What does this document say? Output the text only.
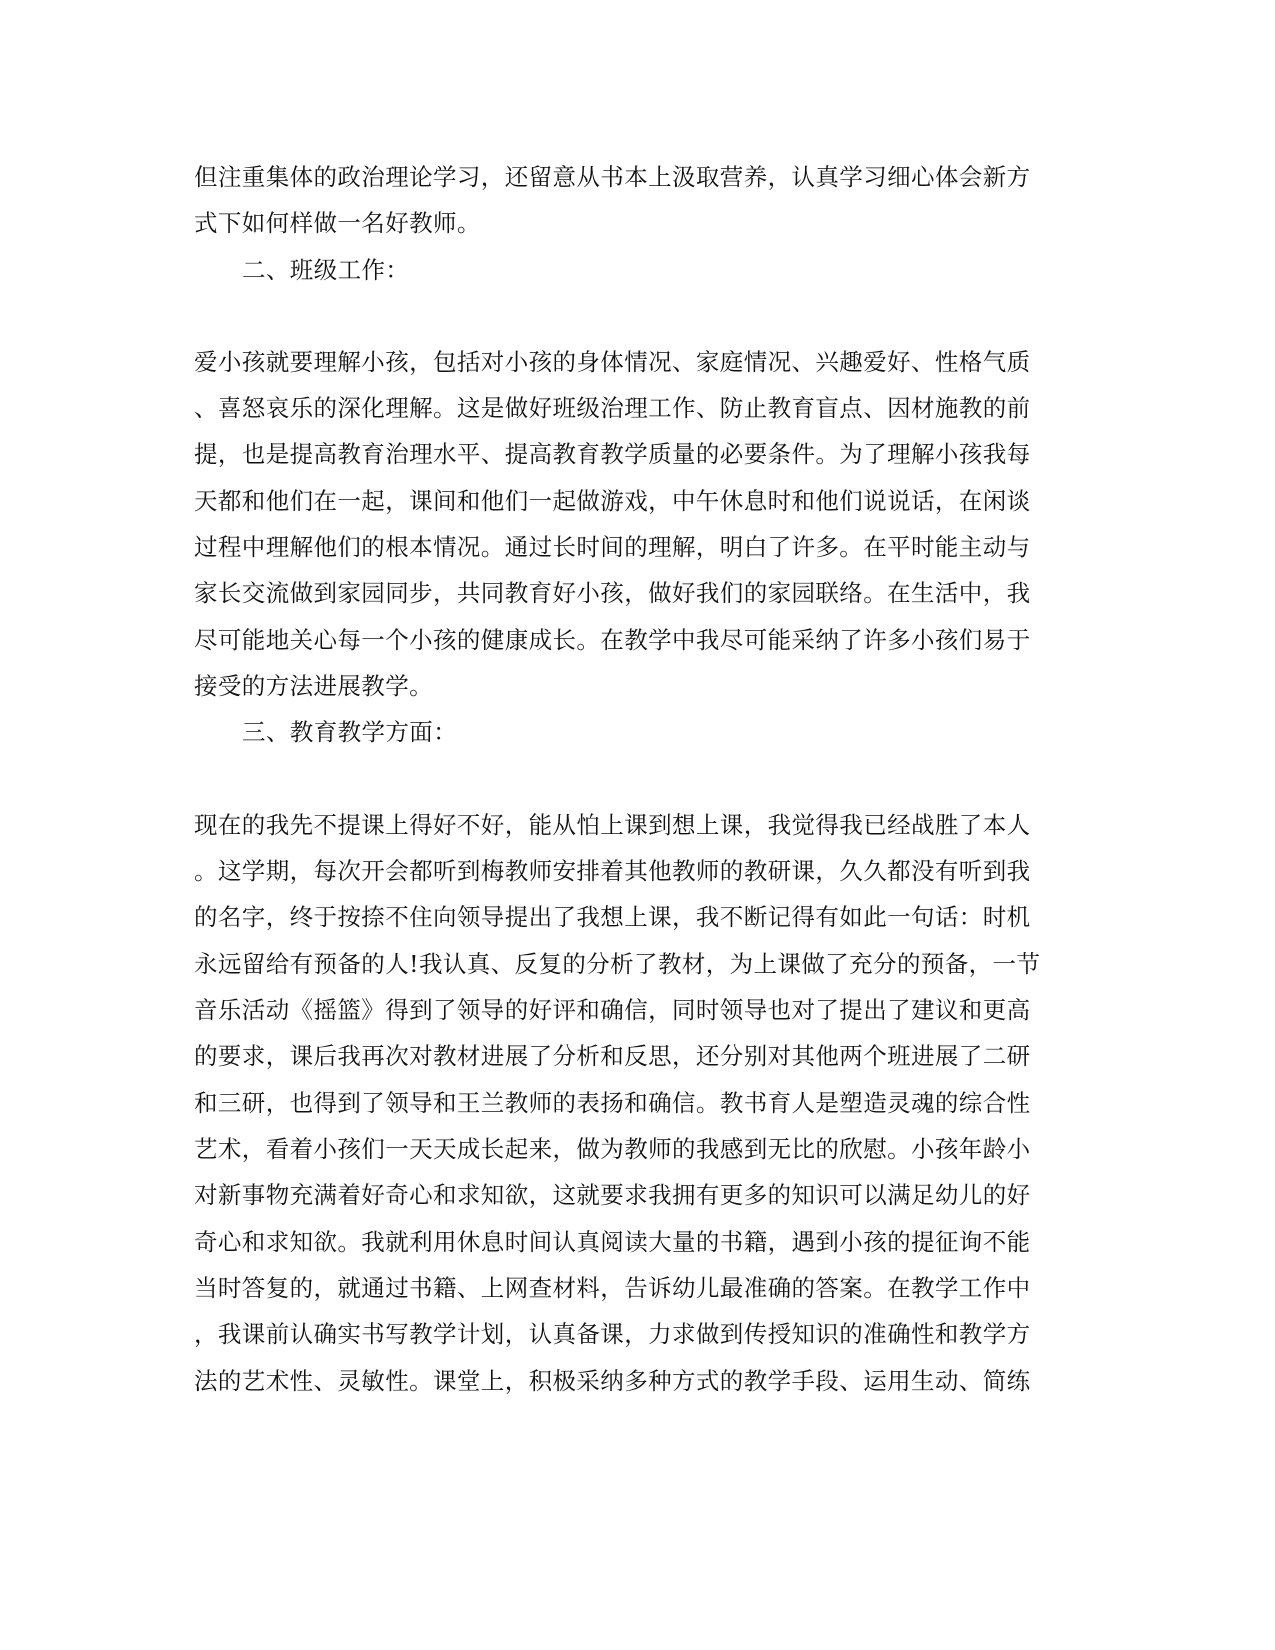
但注重集体的政治理论学习，还留意从书本上汲取营养，认真学习细心体会新方
式下如何样做一名好教师。
二、班级工作：
爱小孩就要理解小孩，包括对小孩的身体情况、家庭情况、兴趣爱好、性格气质
、喜怒哀乐的深化理解。这是做好班级治理工作、防止教育盲点、因材施教的前
提，也是提高教育治理水平、提高教育教学质量的必要条件。为了理解小孩我每
天都和他们在一起，课间和他们一起做游戏，中午休息时和他们说说话，在闲谈
过程中理解他们的根本情况。通过长时间的理解，明白了许多。在平时能主动与
家长交流做到家园同步，共同教育好小孩，做好我们的家园联络。在生活中，我
尽可能地关心每一个小孩的健康成长。在教学中我尽可能采纳了许多小孩们易于
接受的方法进展教学。
三、教育教学方面：
现在的我先不提课上得好不好，能从怕上课到想上课，我觉得我已经战胜了本人
。这学期，每次开会都听到梅教师安排着其他教师的教研课，久久都没有听到我
的名字，终于按捺不住向领导提出了我想上课，我不断记得有如此一句话：时机
永远留给有预备的人!我认真、反复的分析了教材，为上课做了充分的预备，一节
音乐活动《摇篮》得到了领导的好评和确信，同时领导也对了提出了建议和更高
的要求，课后我再次对教材进展了分析和反思，还分别对其他两个班进展了二研
和三研，也得到了领导和王兰教师的表扬和确信。教书育人是塑造灵魂的综合性
艺术，看着小孩们一天天成长起来，做为教师的我感到无比的欣慰。小孩年龄小
对新事物充满着好奇心和求知欲，这就要求我拥有更多的知识可以满足幼儿的好
奇心和求知欲。我就利用休息时间认真阅读大量的书籍，遇到小孩的提征询不能
当时答复的，就通过书籍、上网查材料，告诉幼儿最准确的答案。在教学工作中
，我课前认确实书写教学计划，认真备课，力求做到传授知识的准确性和教学方
法的艺术性、灵敏性。课堂上，积极采纳多种方式的教学手段、运用生动、简练
